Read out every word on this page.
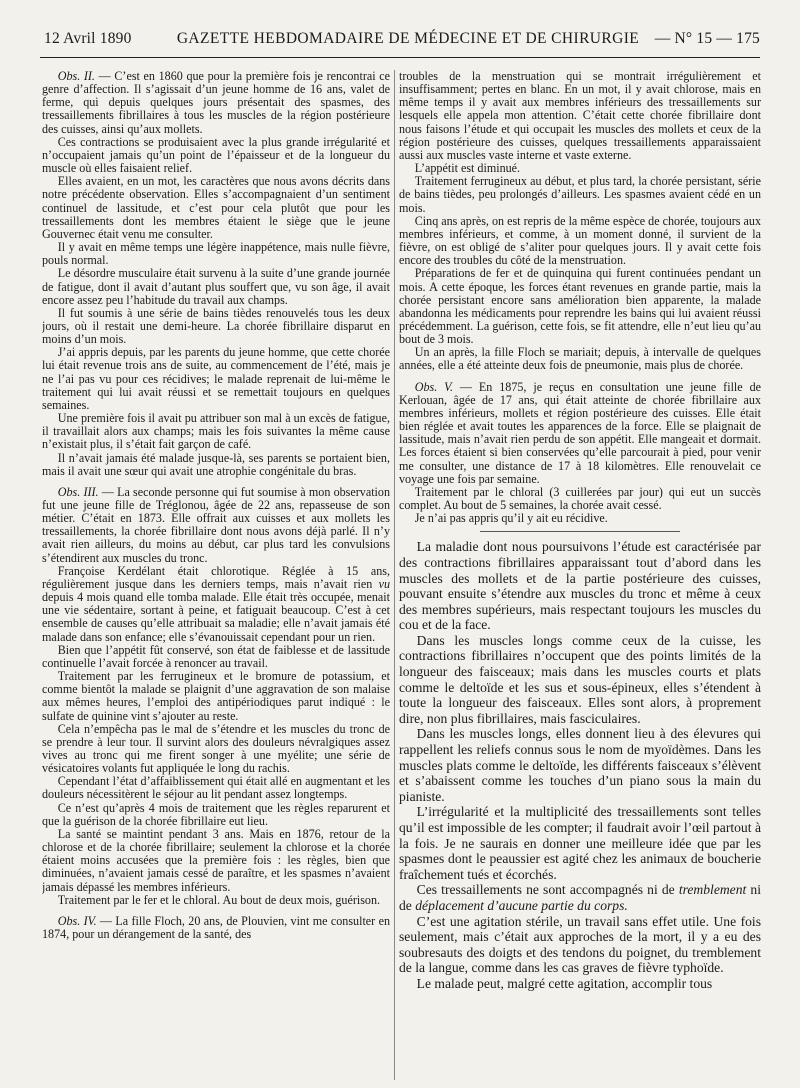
12 Avril 1890	GAZETTE HEBDOMADAIRE DE MÉDECINE ET DE CHIRURGIE — N° 15 — 175

Obs. II. — C’est en 1860 que pour la première fois je rencontrai ce genre d’affection. Il s’agissait d’un jeune homme de 16 ans, valet de ferme, qui depuis quelques jours présentait des spasmes, des tressaillements fibrillaires à tous les muscles de la région postérieure des cuisses, ainsi qu’aux mollets.

Ces contractions se produisaient avec la plus grande irrégularité et n’occupaient jamais qu’un point de l’épaisseur et de la longueur du muscle où elles faisaient relief.

Elles avaient, en un mot, les caractères que nous avons décrits dans notre précédente observation. Elles s’accompagnaient d’un sentiment continuel de lassitude, et c’est pour cela plutôt que pour les tressaillements dont les membres étaient le siège que le jeune Gouvernec était venu me consulter.

Il y avait en même temps une légère inappétence, mais nulle fièvre, pouls normal.

Le désordre musculaire était survenu à la suite d’une grande journée de fatigue, dont il avait d’autant plus souffert que, vu son âge, il avait encore assez peu l’habitude du travail aux champs.

Il fut soumis à une série de bains tièdes renouvelés tous les deux jours, où il restait une demi-heure. La chorée fibrillaire disparut en moins d’un mois.

J’ai appris depuis, par les parents du jeune homme, que cette chorée lui était revenue trois ans de suite, au commencement de l’été, mais je ne l’ai pas vu pour ces récidives; le malade reprenait de lui-même le traitement qui lui avait réussi et se remettait toujours en quelques semaines.

Une première fois il avait pu attribuer son mal à un excès de fatigue, il travaillait alors aux champs; mais les fois suivantes la même cause n’existait plus, il s’était fait garçon de café.

Il n’avait jamais été malade jusque-là, ses parents se portaient bien, mais il avait une sœur qui avait une atrophie congénitale du bras.

Obs. III. — La seconde personne qui fut soumise à mon observation fut une jeune fille de Tréglonou, âgée de 22 ans, repasseuse de son métier. C’était en 1873. Elle offrait aux cuisses et aux mollets les tressaillements, la chorée fibrillaire dont nous avons déjà parlé. Il n’y avait rien ailleurs, du moins au début, car plus tard les convulsions s’étendirent aux muscles du tronc.

Françoise Kerdélant était chlorotique. Réglée à 15 ans, régulièrement jusque dans les derniers temps, mais n’avait rien vu depuis 4 mois quand elle tomba malade. Elle était très occupée, menait une vie sédentaire, sortant à peine, et fatiguait beaucoup. C’est à cet ensemble de causes qu’elle attribuait sa maladie; elle n’avait jamais été malade dans son enfance; elle s’évanouissait cependant pour un rien.

Bien que l’appétit fût conservé, son état de faiblesse et de lassitude continuelle l’avait forcée à renoncer au travail.

Traitement par les ferrugineux et le bromure de potassium, et comme bientôt la malade se plaignit d’une aggravation de son malaise aux mêmes heures, l’emploi des antipériodiques parut indiqué : le sulfate de quinine vint s’ajouter au reste.

Cela n’empêcha pas le mal de s’étendre et les muscles du tronc de se prendre à leur tour. Il survint alors des douleurs névralgiques assez vives au tronc qui me firent songer à une myélite; une série de vésicatoires volants fut appliquée le long du rachis.

Cependant l’état d’affaiblissement qui était allé en augmentant et les douleurs nécessitèrent le séjour au lit pendant assez longtemps.

Ce n’est qu’après 4 mois de traitement que les règles reparurent et que la guérison de la chorée fibrillaire eut lieu.

La santé se maintint pendant 3 ans. Mais en 1876, retour de la chlorose et de la chorée fibrillaire; seulement la chlorose et la chorée étaient moins accusées que la première fois : les règles, bien que diminuées, n’avaient jamais cessé de paraître, et les spasmes n’avaient jamais dépassé les membres inférieurs.

Traitement par le fer et le chloral. Au bout de deux mois, guérison.

Obs. IV. — La fille Floch, 20 ans, de Plouvien, vint me consulter en 1874, pour un dérangement de la santé, des

troubles de la menstruation qui se montrait irrégulièrement et insuffisamment; pertes en blanc. En un mot, il y avait chlorose, mais en même temps il y avait aux membres inférieurs des tressaillements sur lesquels elle appela mon attention. C’était cette chorée fibrillaire dont nous faisons l’étude et qui occupait les muscles des mollets et ceux de la région postérieure des cuisses, quelques tressaillements apparaissaient aussi aux muscles vaste interne et vaste externe.

L’appétit est diminué.

Traitement ferrugineux au début, et plus tard, la chorée persistant, série de bains tièdes, peu prolongés d’ailleurs. Les spasmes avaient cédé en un mois.

Cinq ans après, on est repris de la même espèce de chorée, toujours aux membres inférieurs, et comme, à un moment donné, il survient de la fièvre, on est obligé de s’aliter pour quelques jours. Il y avait cette fois encore des troubles du côté de la menstruation.

Préparations de fer et de quinquina qui furent continuées pendant un mois. A cette époque, les forces étant revenues en grande partie, mais la chorée persistant encore sans amélioration bien apparente, la malade abandonna les médicaments pour reprendre les bains qui lui avaient réussi précédemment. La guérison, cette fois, se fit attendre, elle n’eut lieu qu’au bout de 3 mois.

Un an après, la fille Floch se mariait; depuis, à intervalle de quelques années, elle a été atteinte deux fois de pneumonie, mais plus de chorée.

Obs. V. — En 1875, je reçus en consultation une jeune fille de Kerlouan, âgée de 17 ans, qui était atteinte de chorée fibrillaire aux membres inférieurs, mollets et région postérieure des cuisses. Elle était bien réglée et avait toutes les apparences de la force. Elle se plaignait de lassitude, mais n’avait rien perdu de son appétit. Elle mangeait et dormait. Les forces étaient si bien conservées qu’elle parcourait à pied, pour venir me consulter, une distance de 17 à 18 kilomètres. Elle renouvelait ce voyage une fois par semaine.

Traitement par le chloral (3 cuillerées par jour) qui eut un succès complet. Au bout de 5 semaines, la chorée avait cessé.

Je n’ai pas appris qu’il y ait eu récidive.

La maladie dont nous poursuivons l’étude est caractérisée par des contractions fibrillaires apparaissant tout d’abord dans les muscles des mollets et de la partie postérieure des cuisses, pouvant ensuite s’étendre aux muscles du tronc et même à ceux des membres supérieurs, mais respectant toujours les muscles du cou et de la face.

Dans les muscles longs comme ceux de la cuisse, les contractions fibrillaires n’occupent que des points limités de la longueur des faisceaux; mais dans les muscles courts et plats comme le deltoïde et les sus et sous-épineux, elles s’étendent à toute la longueur des faisceaux. Elles sont alors, à proprement dire, non plus fibrillaires, mais fasciculaires.

Dans les muscles longs, elles donnent lieu à des élevures qui rappellent les reliefs connus sous le nom de myoïdèmes. Dans les muscles plats comme le deltoïde, les différents faisceaux s’élèvent et s’abaissent comme les touches d’un piano sous la main du pianiste.

L’irrégularité et la multiplicité des tressaillements sont telles qu’il est impossible de les compter; il faudrait avoir l’œil partout à la fois. Je ne saurais en donner une meilleure idée que par les spasmes dont le peaussier est agité chez les animaux de boucherie fraîchement tués et écorchés.

Ces tressaillements ne sont accompagnés ni de tremblement ni de déplacement d’aucune partie du corps.

C’est une agitation stérile, un travail sans effet utile. Une fois seulement, mais c’était aux approches de la mort, il y a eu des soubresauts des doigts et des tendons du poignet, du tremblement de la langue, comme dans les cas graves de fièvre typhoïde.

Le malade peut, malgré cette agitation, accomplir tous
